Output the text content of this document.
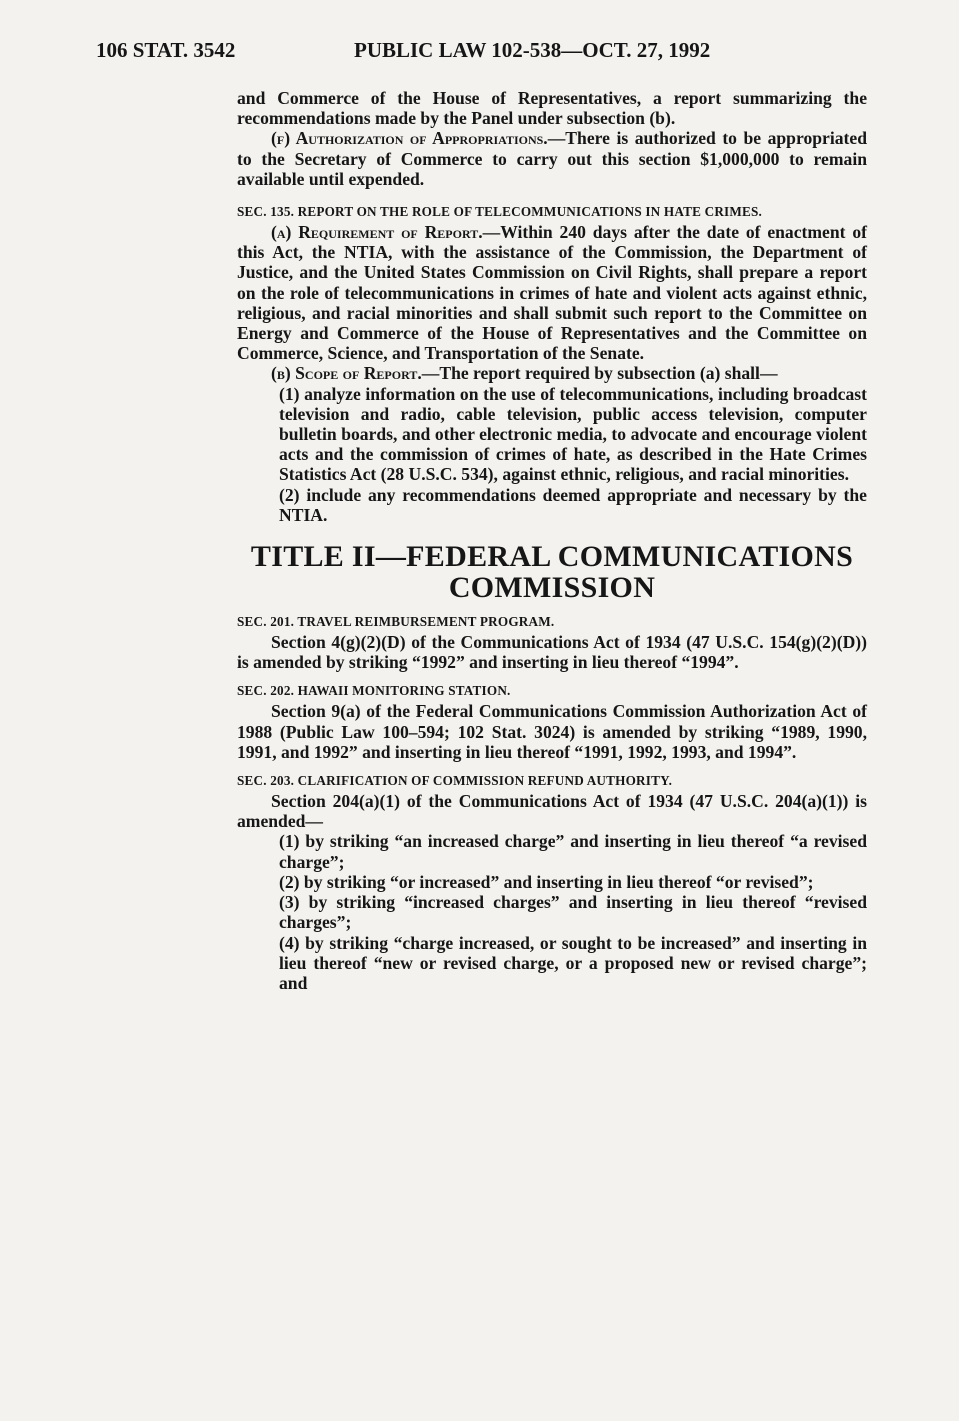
106 STAT. 3542	PUBLIC LAW 102-538—OCT. 27, 1992

and Commerce of the House of Representatives, a report summarizing the recommendations made by the Panel under subsection (b).

(f) Authorization of Appropriations.—There is authorized to be appropriated to the Secretary of Commerce to carry out this section $1,000,000 to remain available until expended.

SEC. 135. REPORT ON THE ROLE OF TELECOMMUNICATIONS IN HATE CRIMES.

(a) Requirement of Report.—Within 240 days after the date of enactment of this Act, the NTIA, with the assistance of the Commission, the Department of Justice, and the United States Commission on Civil Rights, shall prepare a report on the role of telecommunications in crimes of hate and violent acts against ethnic, religious, and racial minorities and shall submit such report to the Committee on Energy and Commerce of the House of Representatives and the Committee on Commerce, Science, and Transportation of the Senate.

(b) Scope of Report.—The report required by subsection (a) shall—

(1) analyze information on the use of telecommunications, including broadcast television and radio, cable television, public access television, computer bulletin boards, and other electronic media, to advocate and encourage violent acts and the commission of crimes of hate, as described in the Hate Crimes Statistics Act (28 U.S.C. 534), against ethnic, religious, and racial minorities.

(2) include any recommendations deemed appropriate and necessary by the NTIA.

TITLE II—FEDERAL COMMUNICATIONS
COMMISSION
SEC. 201. TRAVEL REIMBURSEMENT PROGRAM.

Section 4(g)(2)(D) of the Communications Act of 1934 (47 U.S.C. 154(g)(2)(D)) is amended by striking “1992” and inserting in lieu thereof “1994”.

SEC. 202. HAWAII MONITORING STATION.

Section 9(a) of the Federal Communications Commission Authorization Act of 1988 (Public Law 100–594; 102 Stat. 3024) is amended by striking “1989, 1990, 1991, and 1992” and inserting in lieu thereof “1991, 1992, 1993, and 1994”.

SEC. 203. CLARIFICATION OF COMMISSION REFUND AUTHORITY.

Section 204(a)(1) of the Communications Act of 1934 (47 U.S.C. 204(a)(1)) is amended—

(1) by striking “an increased charge” and inserting in lieu thereof “a revised charge”;

(2) by striking “or increased” and inserting in lieu thereof “or revised”;

(3) by striking “increased charges” and inserting in lieu thereof “revised charges”;

(4) by striking “charge increased, or sought to be increased” and inserting in lieu thereof “new or revised charge, or a proposed new or revised charge”; and
